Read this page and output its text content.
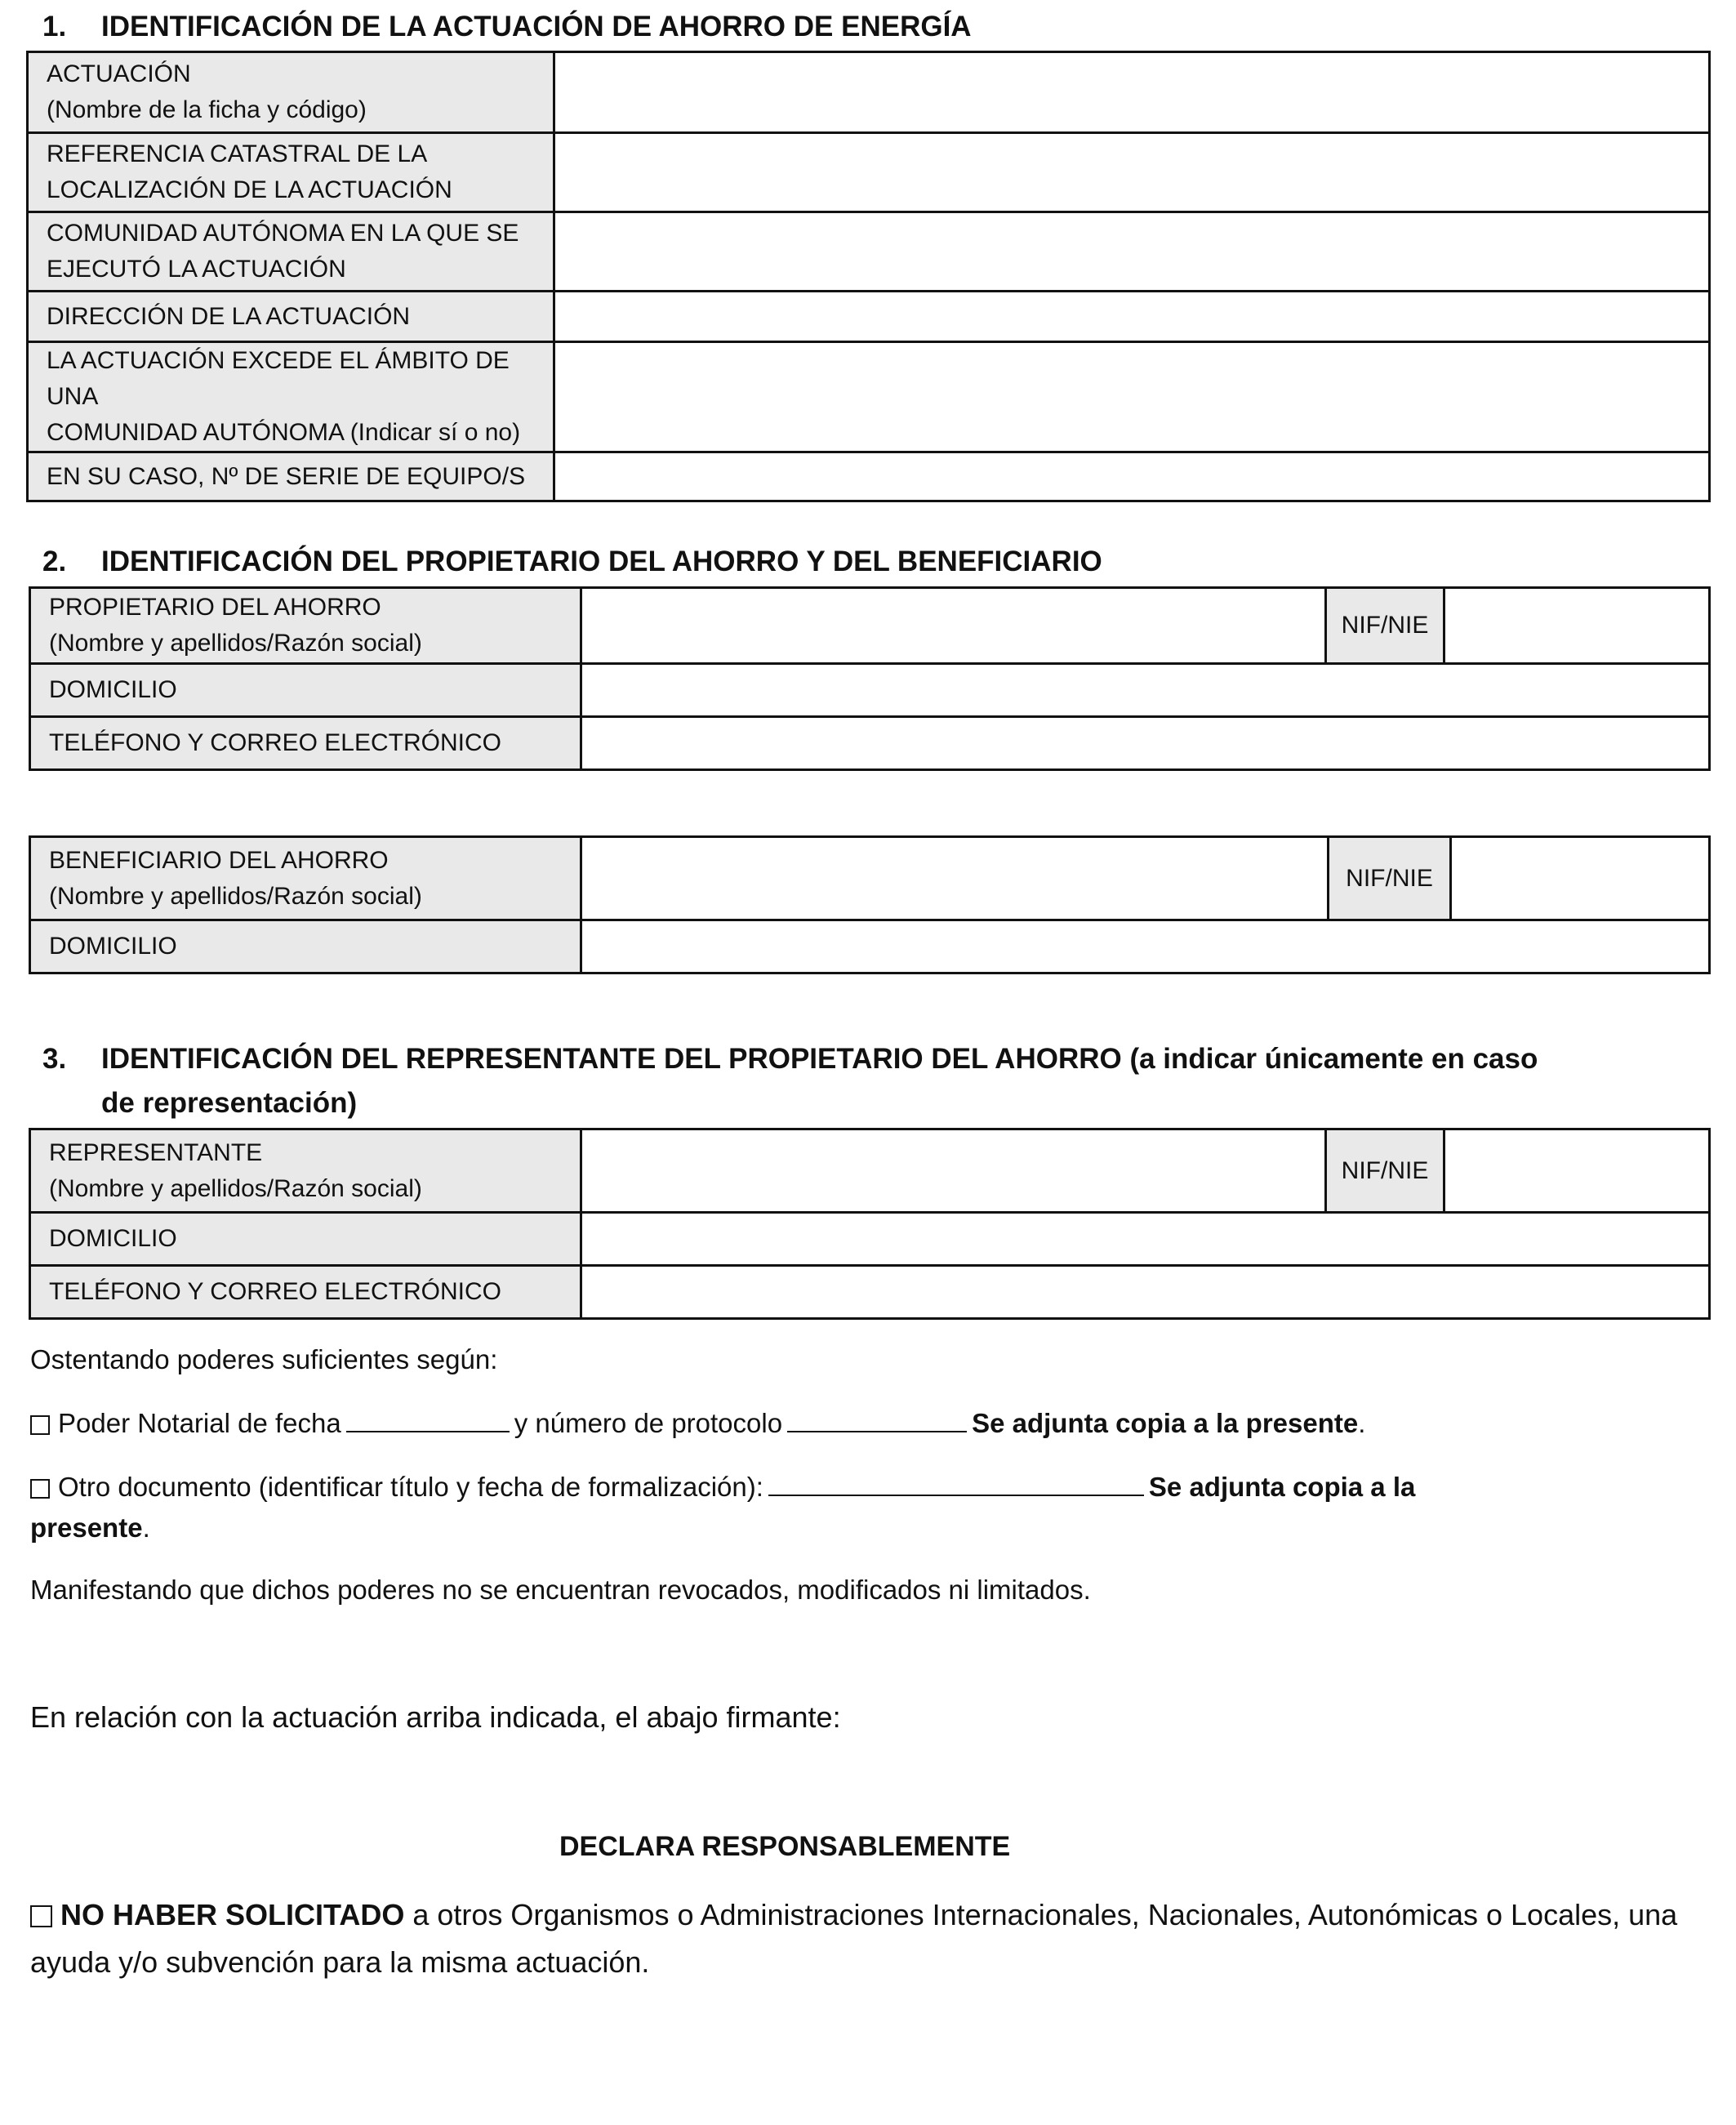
1. IDENTIFICACIÓN DE LA ACTUACIÓN DE AHORRO DE ENERGÍA
ACTUACIÓN
(Nombre de la ficha y código)	

REFERENCIA CATASTRAL DE LA
LOCALIZACIÓN DE LA ACTUACIÓN	

COMUNIDAD AUTÓNOMA EN LA QUE SE
EJECUTÓ LA ACTUACIÓN	

DIRECCIÓN DE LA ACTUACIÓN	

LA ACTUACIÓN EXCEDE EL ÁMBITO DE UNA
COMUNIDAD AUTÓNOMA (Indicar sí o no)	

EN SU CASO, Nº DE SERIE DE EQUIPO/S	

2. IDENTIFICACIÓN DEL PROPIETARIO DEL AHORRO Y DEL BENEFICIARIO
PROPIETARIO DEL AHORRO
(Nombre y apellidos/Razón social)		NIF/NIE	
DOMICILIO			
TELÉFONO Y CORREO ELECTRÓNICO			
BENEFICIARIO DEL AHORRO
(Nombre y apellidos/Razón social)		NIF/NIE	
DOMICILIO			
3. IDENTIFICACIÓN DEL REPRESENTANTE DEL PROPIETARIO DEL AHORRO (a indicar únicamente en caso
de representación)
REPRESENTANTE
(Nombre y apellidos/Razón social)		NIF/NIE	
DOMICILIO			
TELÉFONO Y CORREO ELECTRÓNICO			
Ostentando poderes suficientes según:
Poder Notarial de fecha	y número de protocolo	Se adjunta copia a la presente.
Otro documento (identificar título y fecha de formalización):	Se adjunta copia a la
presente.
Manifestando que dichos poderes no se encuentran revocados, modificados ni limitados.
En relación con la actuación arriba indicada, el abajo firmante:
DECLARA RESPONSABLEMENTE
NO HABER SOLICITADO a otros Organismos o Administraciones Internacionales, Nacionales, Autonómicas o Locales, una
ayuda y/o subvención para la misma actuación.
